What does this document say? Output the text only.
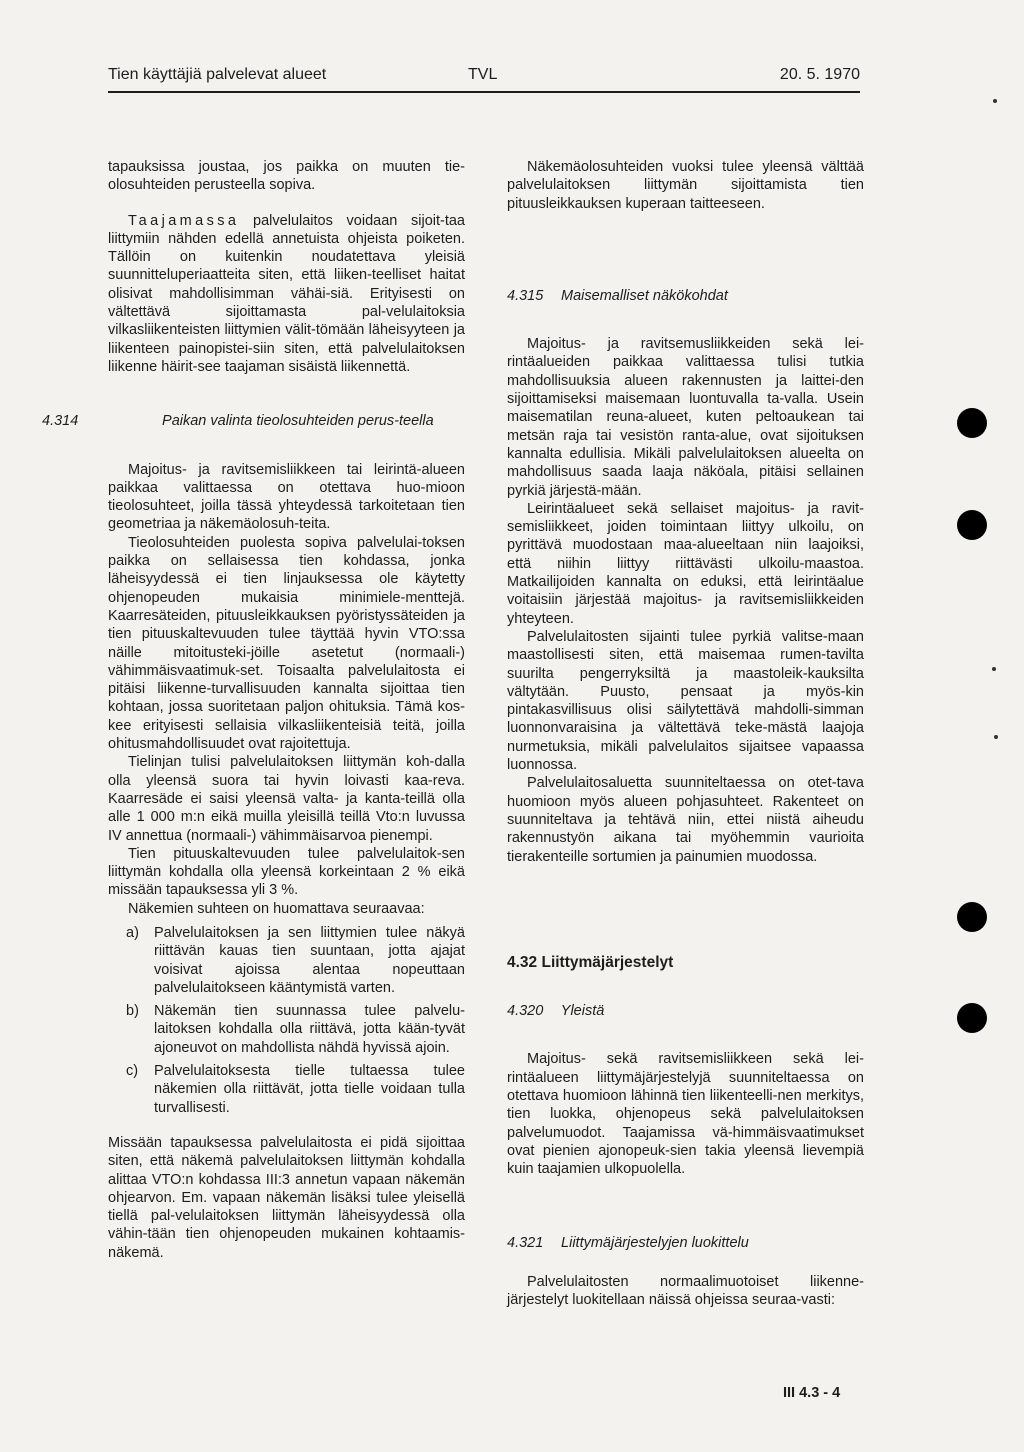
Tien käyttäjiä palvelevat alueet	TVL	20. 5. 1970

tapauksissa joustaa, jos paikka on muuten tie-olosuhteiden perusteella sopiva.

Taajamassa palvelulaitos voidaan sijoit-taa liittymiin nähden edellä annetuista ohjeista poiketen. Tällöin on kuitenkin noudatettava yleisiä suunnitteluperiaatteita siten, että liiken-teelliset haitat olisivat mahdollisimman vähäi-siä. Erityisesti on vältettävä sijoittamasta pal-velulaitoksia vilkasliikenteisten liittymien välit-tömään läheisyyteen ja liikenteen painopistei-siin siten, että palvelulaitoksen liikenne häirit-see taajaman sisäistä liikennettä.

4.314	Paikan valinta tieolosuhteiden perus-teella

Majoitus- ja ravitsemisliikkeen tai leirintä-alueen paikkaa valittaessa on otettava huo-mioon tieolosuhteet, joilla tässä yhteydessä tarkoitetaan tien geometriaa ja näkemäolosuh-teita.

Tieolosuhteiden puolesta sopiva palvelulai-toksen paikka on sellaisessa tien kohdassa, jonka läheisyydessä ei tien linjauksessa ole käytetty ohjenopeuden mukaisia minimiele-menttejä. Kaarresäteiden, pituusleikkauksen pyöristyssäteiden ja tien pituuskaltevuuden tulee täyttää hyvin VTO:ssa näille mitoitusteki-jöille asetetut (normaali-) vähimmäisvaatimuk-set. Toisaalta palvelulaitosta ei pitäisi liikenne-turvallisuuden kannalta sijoittaa tien kohtaan, jossa suoritetaan paljon ohituksia. Tämä kos-kee erityisesti sellaisia vilkasliikenteisiä teitä, joilla ohitusmahdollisuudet ovat rajoitettuja.

Tielinjan tulisi palvelulaitoksen liittymän koh-dalla olla yleensä suora tai hyvin loivasti kaa-reva. Kaarresäde ei saisi yleensä valta- ja kanta-teillä olla alle 1 000 m:n eikä muilla yleisillä teillä Vto:n luvussa IV annettua (normaali-) vähimmäisarvoa pienempi.

Tien pituuskaltevuuden tulee palvelulaitok-sen liittymän kohdalla olla yleensä korkeintaan 2 % eikä missään tapauksessa yli 3 %.

Näkemien suhteen on huomattava seuraavaa:

a) Palvelulaitoksen ja sen liittymien tulee näkyä riittävän kauas tien suuntaan, jotta ajajat voisivat ajoissa alentaa nopeuttaan palvelulaitokseen kääntymistä varten.
b) Näkemän tien suunnassa tulee palvelu-laitoksen kohdalla olla riittävä, jotta kään-tyvät ajoneuvot on mahdollista nähdä hyvissä ajoin.
c) Palvelulaitoksesta tielle tultaessa tulee näkemien olla riittävät, jotta tielle voidaan tulla turvallisesti.

Missään tapauksessa palvelulaitosta ei pidä sijoittaa siten, että näkemä palvelulaitoksen liittymän kohdalla alittaa VTO:n kohdassa III:3 annetun vapaan näkemän ohjearvon. Em. vapaan näkemän lisäksi tulee yleisellä tiellä pal-velulaitoksen liittymän läheisyydessä olla vähin-tään tien ohjenopeuden mukainen kohtaamis-näkemä.

Näkemäolosuhteiden vuoksi tulee yleensä välttää palvelulaitoksen liittymän sijoittamista tien pituusleikkauksen kuperaan taitteeseen.

4.315 Maisemalliset näkökohdat

Majoitus- ja ravitsemusliikkeiden sekä lei-rintäalueiden paikkaa valittaessa tulisi tutkia mahdollisuuksia alueen rakennusten ja laittei-den sijoittamiseksi maisemaan luontuvalla ta-valla. Usein maisematilan reuna-alueet, kuten peltoaukean tai metsän raja tai vesistön ranta-alue, ovat sijoituksen kannalta edullisia. Mikäli palvelulaitoksen alueelta on mahdollisuus saada laaja näköala, pitäisi sellainen pyrkiä järjestä-mään.

Leirintäalueet sekä sellaiset majoitus- ja ravit-semisliikkeet, joiden toimintaan liittyy ulkoilu, on pyrittävä muodostaan maa-alueeltaan niin laajoiksi, että niihin liittyy riittävästi ulkoilu-maastoa. Matkailijoiden kannalta on eduksi, että leirintäalue voitaisiin järjestää majoitus- ja ravitsemisliikkeiden yhteyteen.

Palvelulaitosten sijainti tulee pyrkiä valitse-maan maastollisesti siten, että maisemaa rumen-tavilta suurilta pengerryksiltä ja maastoleik-kauksilta vältytään. Puusto, pensaat ja myös-kin pintakasvillisuus olisi säilytettävä mahdolli-simman luonnonvaraisina ja vältettävä teke-mästä laajoja nurmetuksia, mikäli palvelulaitos sijaitsee vapaassa luonnossa.

Palvelulaitosaluetta suunniteltaessa on otet-tava huomioon myös alueen pohjasuhteet. Rakenteet on suunniteltava ja tehtävä niin, ettei niistä aiheudu rakennustyön aikana tai myöhemmin vaurioita tierakenteille sortumien ja painumien muodossa.

4.32 Liittymäjärjestelyt

4.320 Yleistä

Majoitus- sekä ravitsemisliikkeen sekä lei-rintäalueen liittymäjärjestelyjä suunniteltaessa on otettava huomioon lähinnä tien liikenteelli-nen merkitys, tien luokka, ohjenopeus sekä palvelulaitoksen palvelumuodot. Taajamissa vä-himmäisvaatimukset ovat pienien ajonopeuk-sien takia yleensä lievempiä kuin taajamien ulkopuolella.

4.321 Liittymäjärjestelyjen luokittelu

Palvelulaitosten normaalimuotoiset liikenne-järjestelyt luokitellaan näissä ohjeissa seuraa-vasti:

III 4.3 - 4
